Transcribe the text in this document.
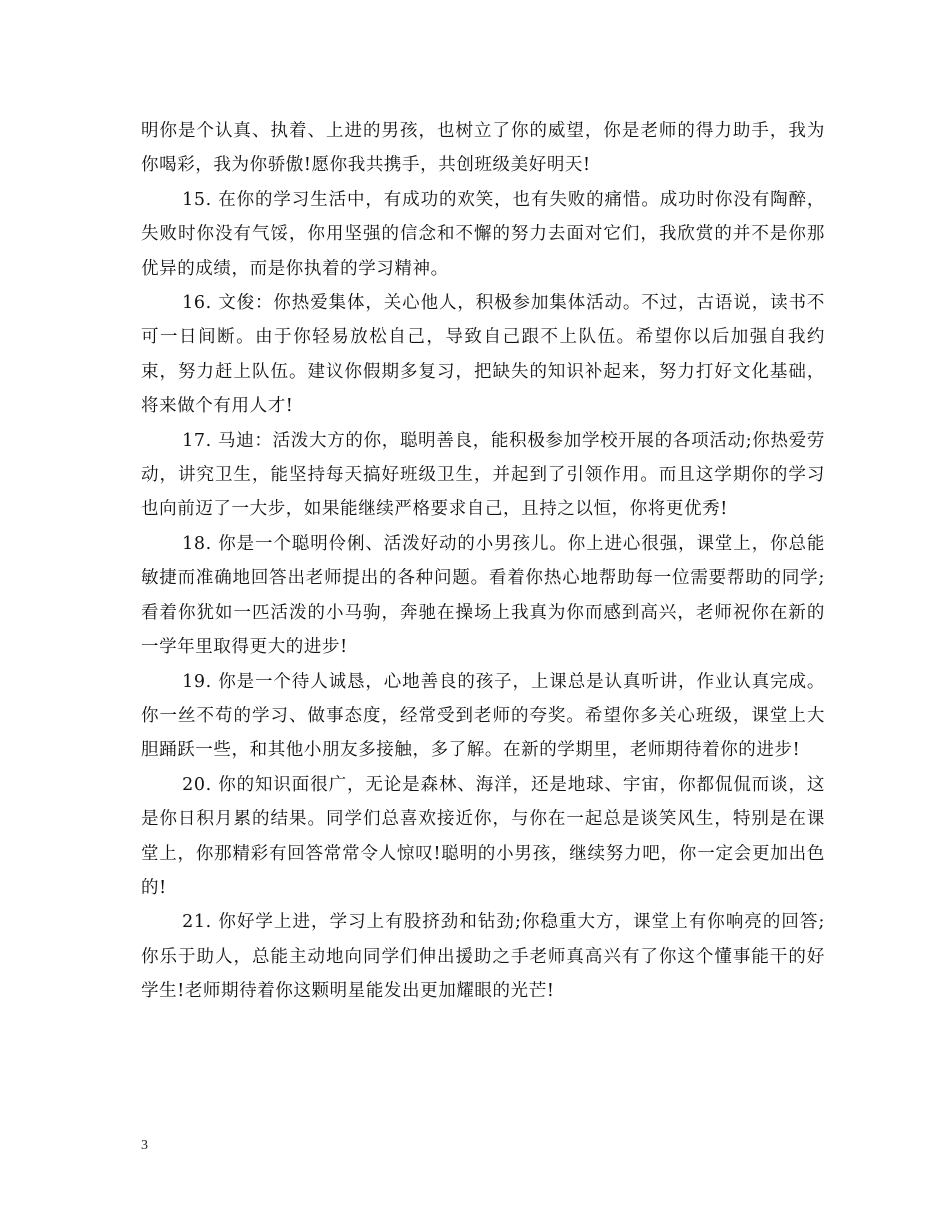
明你是个认真、执着、上进的男孩，也树立了你的威望，你是老师的得力助手，我为你喝彩，我为你骄傲!愿你我共携手，共创班级美好明天!

15. 在你的学习生活中，有成功的欢笑，也有失败的痛惜。成功时你没有陶醉，失败时你没有气馁，你用坚强的信念和不懈的努力去面对它们，我欣赏的并不是你那优异的成绩，而是你执着的学习精神。

16. 文俊：你热爱集体，关心他人，积极参加集体活动。不过，古语说，读书不可一日间断。由于你轻易放松自己，导致自己跟不上队伍。希望你以后加强自我约束，努力赶上队伍。建议你假期多复习，把缺失的知识补起来，努力打好文化基础，将来做个有用人才!

17. 马迪：活泼大方的你，聪明善良，能积极参加学校开展的各项活动;你热爱劳动，讲究卫生，能坚持每天搞好班级卫生，并起到了引领作用。而且这学期你的学习也向前迈了一大步，如果能继续严格要求自己，且持之以恒，你将更优秀!

18. 你是一个聪明伶俐、活泼好动的小男孩儿。你上进心很强，课堂上，你总能敏捷而准确地回答出老师提出的各种问题。看着你热心地帮助每一位需要帮助的同学;看着你犹如一匹活泼的小马驹，奔驰在操场上我真为你而感到高兴，老师祝你在新的一学年里取得更大的进步!

19. 你是一个待人诚恳，心地善良的孩子，上课总是认真听讲，作业认真完成。你一丝不苟的学习、做事态度，经常受到老师的夸奖。希望你多关心班级，课堂上大胆踊跃一些，和其他小朋友多接触，多了解。在新的学期里，老师期待着你的进步!

20. 你的知识面很广，无论是森林、海洋，还是地球、宇宙，你都侃侃而谈，这是你日积月累的结果。同学们总喜欢接近你，与你在一起总是谈笑风生，特别是在课堂上，你那精彩有回答常常令人惊叹!聪明的小男孩，继续努力吧，你一定会更加出色的!

21. 你好学上进，学习上有股挤劲和钻劲;你稳重大方，课堂上有你响亮的回答;你乐于助人，总能主动地向同学们伸出援助之手老师真高兴有了你这个懂事能干的好学生!老师期待着你这颗明星能发出更加耀眼的光芒!

3
